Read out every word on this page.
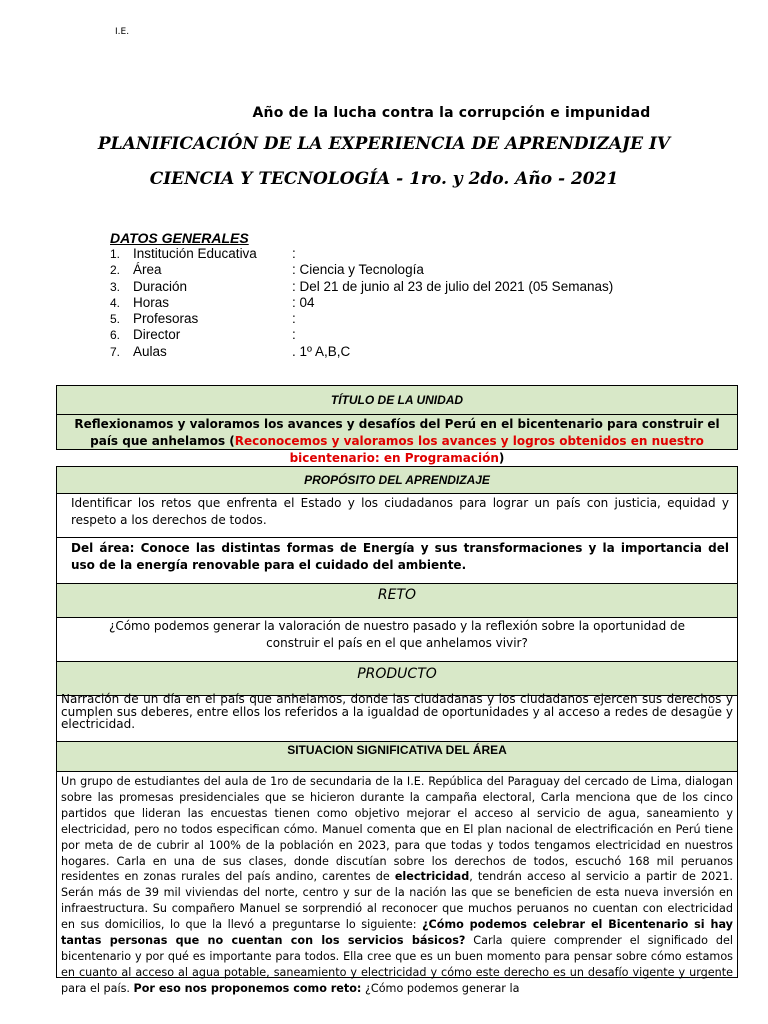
I.E.
Año de la lucha contra la corrupción e impunidad
PLANIFICACIÓN DE LA EXPERIENCIA DE APRENDIZAJE IV
CIENCIA Y TECNOLOGÍA - 1ro. y 2do. Año - 2021
DATOS GENERALES
1. Institución Educativa	:
2. Área	: Ciencia y Tecnología
3. Duración	: Del 21 de junio al 23 de julio del 2021 (05 Semanas)
4. Horas	: 04
5. Profesoras	:
6. Director	:
7. Aulas	. 1º A,B,C
TÍTULO DE LA UNIDAD
Reflexionamos y valoramos los avances y desafíos del Perú en el bicentenario para construir el país que anhelamos (Reconocemos y valoramos los avances y logros obtenidos en nuestro bicentenario: en Programación)
PROPÓSITO DEL APRENDIZAJE
Identificar los retos que enfrenta el Estado y los ciudadanos para lograr un país con justicia, equidad y respeto a los derechos de todos.
Del área: Conoce las distintas formas de Energía y sus transformaciones y la importancia del uso de la energía renovable para el cuidado del ambiente.
RETO
¿Cómo podemos generar la valoración de nuestro pasado y la reflexión sobre la oportunidad de construir el país en el que anhelamos vivir?
PRODUCTO
Narración de un día en el país que anhelamos, donde las ciudadanas y los ciudadanos ejercen sus derechos y cumplen sus deberes, entre ellos los referidos a la igualdad de oportunidades y al acceso a redes de desagüe y electricidad.
SITUACION SIGNIFICATIVA DEL ÁREA
Un grupo de estudiantes del aula de 1ro de secundaria de la I.E. República del Paraguay del cercado de Lima, dialogan sobre las promesas presidenciales que se hicieron durante la campaña electoral, Carla menciona que de los cinco partidos que lideran las encuestas tienen como objetivo mejorar el acceso al servicio de agua, saneamiento y electricidad, pero no todos especifican cómo. Manuel comenta que en El plan nacional de electrificación en Perú tiene por meta de de cubrir al 100% de la población en 2023, para que todas y todos tengamos electricidad en nuestros hogares. Carla en una de sus clases, donde discutían sobre los derechos de todos, escuchó 168 mil peruanos residentes en zonas rurales del país andino, carentes de electricidad, tendrán acceso al servicio a partir de 2021. Serán más de 39 mil viviendas del norte, centro y sur de la nación las que se beneficien de esta nueva inversión en infraestructura. Su compañero Manuel se sorprendió al reconocer que muchos peruanos no cuentan con electricidad en sus domicilios, lo que la llevó a preguntarse lo siguiente: ¿Cómo podemos celebrar el Bicentenario si hay tantas personas que no cuentan con los servicios básicos? Carla quiere comprender el significado del bicentenario y por qué es importante para todos. Ella cree que es un buen momento para pensar sobre cómo estamos en cuanto al acceso al agua potable, saneamiento y electricidad y cómo este derecho es un desafío vigente y urgente para el país. Por eso nos proponemos como reto: ¿Cómo podemos generar la
